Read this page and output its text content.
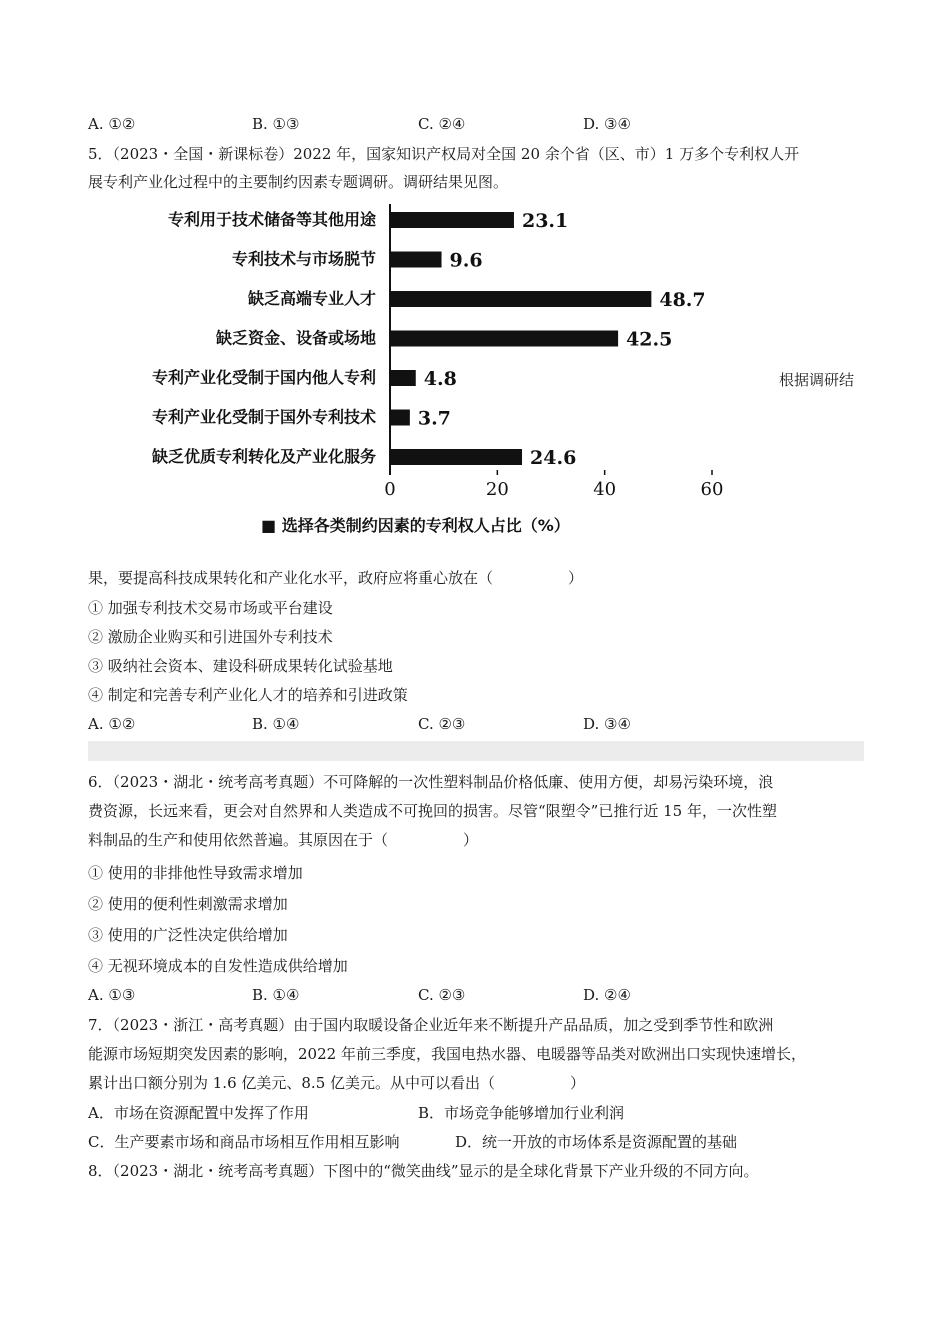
A. ①②	B. ①③	C. ②④	D. ③④
5．（2023・全国・新课标卷）2022 年，国家知识产权局对全国 20 余个省（区、市）1 万多个专利权人开
展专利产业化过程中的主要制约因素专题调研。调研结果见图。
专利用于技术储备等其他用途	23.1
专利技术与市场脱节	9.6
缺乏高端专业人才	48.7
缺乏资金、设备或场地	42.5
专利产业化受制于国内他人专利	4.8
专利产业化受制于国外专利技术 3.7
缺乏优质专利转化及产业化服务	24.6
0	20	40	60
■ 选择各类制约因素的专利权人占比（%）
根据调研结
果，要提高科技成果转化和产业化水平，政府应将重心放在（　　　　　）
① 加强专利技术交易市场或平台建设
② 激励企业购买和引进国外专利技术
③ 吸纳社会资本、建设科研成果转化试验基地
④ 制定和完善专利产业化人才的培养和引进政策
A. ①②	B. ①④	C. ②③	D. ③④
6．（2023・湖北・统考高考真题）不可降解的一次性塑料制品价格低廉、使用方便，却易污染环境，浪
费资源，长远来看，更会对自然界和人类造成不可挽回的损害。尽管“限塑令”已推行近 15 年，一次性塑
料制品的生产和使用依然普遍。其原因在于（　　　　　）
① 使用的非排他性导致需求增加
② 使用的便利性刺激需求增加
③ 使用的广泛性决定供给增加
④ 无视环境成本的自发性造成供给增加
A. ①③	B. ①④	C. ②③	D. ②④
7．（2023・浙江・高考真题）由于国内取暖设备企业近年来不断提升产品品质，加之受到季节性和欧洲
能源市场短期突发因素的影响，2022 年前三季度，我国电热水器、电暖器等品类对欧洲出口实现快速增长，
累计出口额分别为 1.6 亿美元、8.5 亿美元。从中可以看出（　　　　　）
A．市场在资源配置中发挥了作用	B．市场竞争能够增加行业利润
C．生产要素市场和商品市场相互作用相互影响	D．统一开放的市场体系是资源配置的基础
8．（2023・湖北・统考高考真题）下图中的“微笑曲线”显示的是全球化背景下产业升级的不同方向。
